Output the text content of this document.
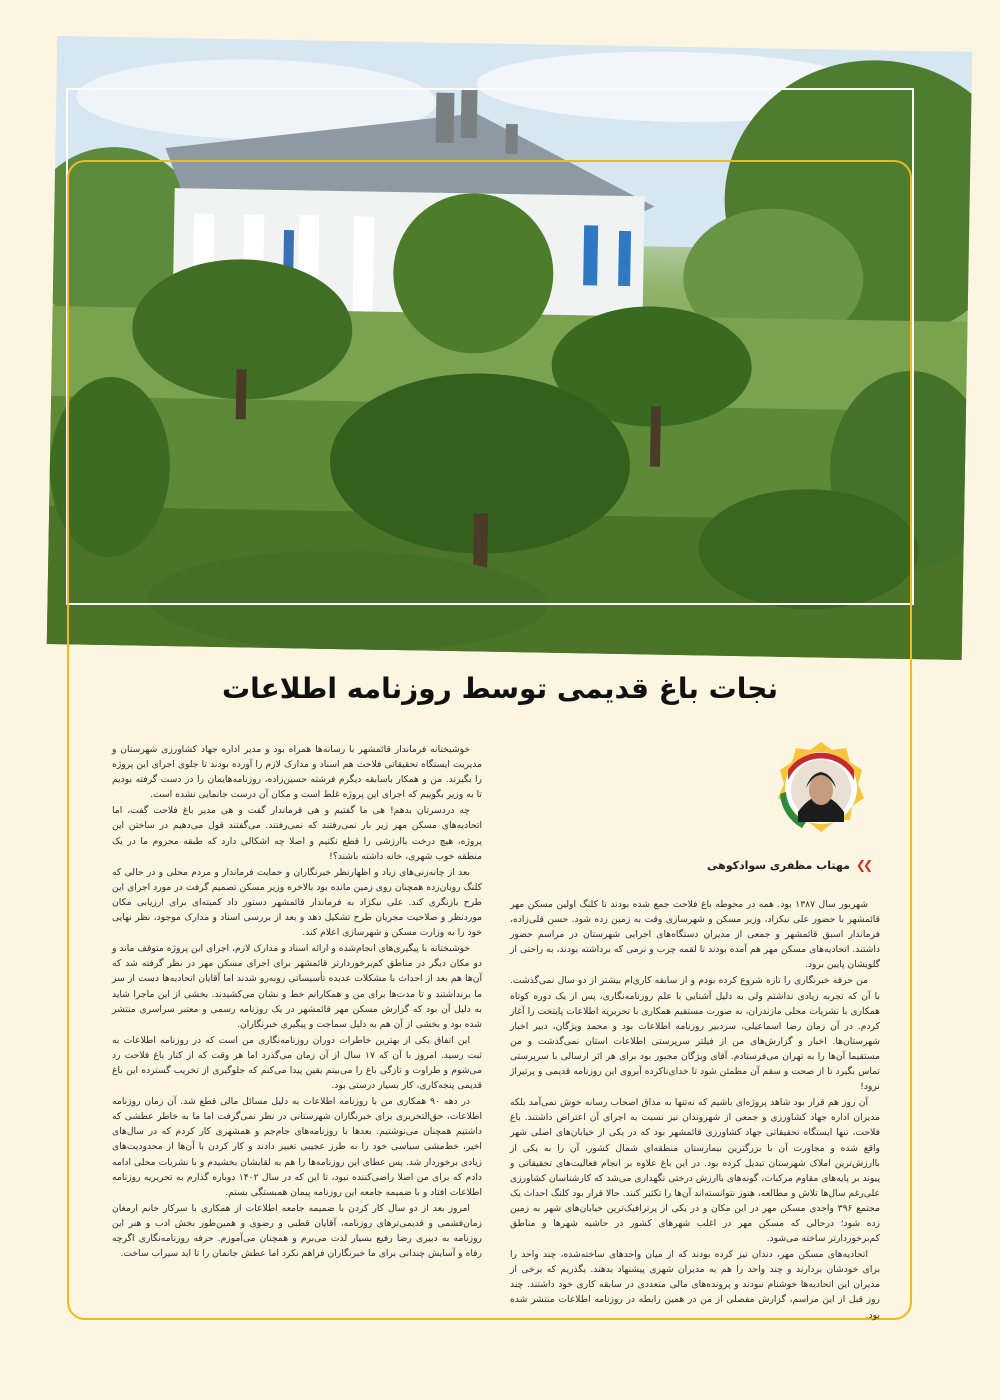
نجات باغ قدیمی توسط روزنامه اطلاعات
❯❯
مهتاب مظفری سوادکوهی

شهریور سال ۱۳۸۷ بود. همه در محوطه باغ فلاحت جمع شده بودند تا کلنگ اولین مسکن مهر قائمشهر با حضور علی نیکزاد، وزیر مسکن و شهرسازی وقت به زمین زده شود. حسن قلی‌زاده، فرماندار اسبق قائمشهر و جمعی از مدیران دستگاه‌های اجرایی شهرستان در مراسم حضور داشتند. اتحادیه‌های مسکن مهر هم آمده بودند تا لقمه چرب و نرمی که برداشته بودند، به راحتی از گلویشان پایین برود.

من حرفه خبرنگاری را تازه شروع کرده بودم و از سابقه کاری‌ام بیشتر از دو سال نمی‌گذشت. با آن که تجربه زیادی نداشتم ولی به دلیل آشنایی با علم روزنامه‌نگاری، پس از یک دوره کوتاه همکاری با نشریات محلی مازندران، به صورت مستقیم همکاری با تحریریه اطلاعات پایتخت را آغاز کردم. در آن زمان رضا اسماعیلی، سردبیر روزنامه اطلاعات بود و محمد ویژگان، دبیر اخبار شهرستان‌ها. اخبار و گزارش‌های من از فیلتر سرپرستی اطلاعات استان نمی‌گذشت و من مستقیما آن‌ها را به تهران می‌فرستادم. آقای ویژگان مجبور بود برای هر اثر ارسالی با سرپرستی تماس بگیرد تا از صحت و سقم آن مطمئن شود تا خدای‌ناکرده آبروی این روزنامه قدیمی و پرتیراژ نرود!

آن روز هم قرار بود شاهد پروژه‌ای باشیم که نه‌تنها به مذاق اصحاب رسانه خوش نمی‌آمد بلکه مدیران اداره جهاد کشاورزی و جمعی از شهروندان نیز نسبت به اجرای آن اعتراض داشتند. باغ فلاحت، تنها ایستگاه تحقیقاتی جهاد کشاورزی قائمشهر بود که در یکی از خیابان‌های اصلی شهر واقع شده و مجاورت آن با بزرگترین بیمارستان منطقه‌ای شمال کشور، آن را به یکی از باارزش‌ترین املاک شهرستان تبدیل کرده بود. در این باغ علاوه بر انجام فعالیت‌های تحقیقاتی و پیوند بر پایه‌های مقاوم مرکبات، گونه‌های باارزش درختی نگهداری می‌شد که کارشناسان کشاورزی علی‌رغم سال‌ها تلاش و مطالعه، هنوز نتوانسته‌اند آن‌ها را تکثیر کنند. حالا قرار بود کلنگ احداث یک مجتمع ۳۹۶ واحدی مسکن مهر در این مکان و در یکی از پرترافیک‌ترین خیابان‌های شهر به زمین زده شود؛ درحالی که مسکن مهر در اغلب شهرهای کشور در حاشیه شهرها و مناطق کم‌برخوردارتر ساخته می‌شود.

اتحادیه‌های مسکن مهر، دندان تیز کرده بودند که از میان واحدهای ساخته‌شده، چند واحد را برای خودشان بردارند و چند واحد را هم به مدیران شهری پیشنهاد بدهند. بگذریم که برخی از مدیران این اتحادیه‌ها خوشنام نبودند و پرونده‌های مالی متعددی در سابقه کاری خود داشتند. چند روز قبل از این مراسم، گزارش مفصلی از من در همین رابطه در روزنامه اطلاعات منتشر شده بود.

خوشبختانه فرماندار قائمشهر با رسانه‌ها همراه بود و مدیر اداره جهاد کشاورزی شهرستان و مدیریت ایستگاه تحقیقاتی فلاحت هم اسناد و مدارک لازم را آورده بودند تا جلوی اجرای این پروژه را بگیرند. من و همکار باسابقه دیگرم فرشته حسین‌زاده، روزنامه‌هایمان را در دست گرفته بودیم تا به وزیر بگوییم که اجرای این پروژه غلط است و مکان آن درست جانمایی نشده است.

چه دردسرتان بدهم! هی ما گفتیم و هی فرماندار گفت و هی مدیر باغ فلاحت گفت، اما اتحادیه‌های مسکن مهر زیر بار نمی‌رفتند که نمی‌رفتند. می‌گفتند قول می‌دهیم در ساختن این پروژه، هیچ درخت باارزشی را قطع نکنیم و اصلا چه اشکالی دارد که طبقه محروم ما در یک منطقه خوب شهری، خانه داشته باشند؟!

بعد از چانه‌زنی‌های زیاد و اظهارنظر خبرنگاران و حمایت فرماندار و مردم محلی و در حالی که کلنگ روبان‌زده همچنان روی زمین مانده بود بالاخره وزیر مسکن تصمیم گرفت در مورد اجرای این طرح بازنگری کند. علی نیکزاد به فرماندار قائمشهر دستور داد کمیته‌ای برای ارزیابی مکان موردنظر و صلاحیت مجریان طرح تشکیل دهد و بعد از بررسی اسناد و مدارک موجود، نظر نهایی خود را به وزارت مسکن و شهرسازی اعلام کند.

خوشبختانه با پیگیری‌های انجام‌شده و ارائه اسناد و مدارک لازم، اجرای این پروژه متوقف ماند و دو مکان دیگر در مناطق کم‌برخوردارتر قائمشهر برای اجرای مسکن مهر در نظر گرفته شد که آن‌ها هم بعد از احداث با مشکلات عدیده تأسیساتی روبه‌رو شدند اما آقایان اتحادیه‌ها دست از سر ما برنداشتند و تا مدت‌ها برای من و همکارانم خط و نشان می‌کشیدند. بخشی از این ماجرا شاید به دلیل آن بود که گزارش مسکن مهر قائمشهر در یک روزنامه رسمی و معتبر سراسری منتشر شده بود و بخشی از آن هم به دلیل سماجت و پیگیری خبرنگاران.

این اتفاق یکی از بهترین خاطرات دوران روزنامه‌نگاری من است که در روزنامه اطلاعات به ثبت رسید. امروز با آن که ۱۷ سال از آن زمان می‌گذرد اما هر وقت که از کنار باغ فلاحت رد می‌شوم و طراوت و تازگی باغ را می‌بینم یقین پیدا می‌کنم که جلوگیری از تخریب گسترده این باغ قدیمی پنجه‌کاری، کار بسیار درستی بود.

در دهه ۹۰ همکاری من با روزنامه اطلاعات به دلیل مسائل مالی قطع شد. آن زمان روزنامه اطلاعات، حق‌التحریری برای خبرنگاران شهرستانی در نظر نمی‌گرفت اما ما به خاطر عطشی که داشتیم همچنان می‌نوشتیم. بعدها با روزنامه‌های جام‌جم و همشهری کار کردم که در سال‌های اخیر، خط‌مشی سیاسی خود را به طرز عجیبی تغییر دادند و کار کردن با آن‌ها از محدودیت‌های زیادی برخوردار شد. پس عطای این روزنامه‌ها را هم به لقایشان بخشیدم و با نشریات محلی ادامه دادم که برای من اصلا راضی‌کننده نبود، تا این که در سال ۱۴۰۲ دوباره گذارم به تحریریه روزنامه اطلاعات افتاد و با ضمیمه جامعه این روزنامه پیمان همبستگی بستم.

امروز بعد از دو سال کار کردن با ضمیمه جامعه اطلاعات از همکاری با سرکار خانم ارمغان زمان‌فشمی و قدیمی‌ترهای روزنامه، آقایان قطبی و رضوی و همین‌طور بخش ادب و هنر این روزنامه به دبیری رضا رفیع بسیار لذت می‌برم و همچنان می‌آموزم. حرفه روزنامه‌نگاری اگرچه رفاه و آسایش چندانی برای ما خبرنگاران فراهم نکرد اما عطش جانمان را تا ابد سیراب ساخت.
